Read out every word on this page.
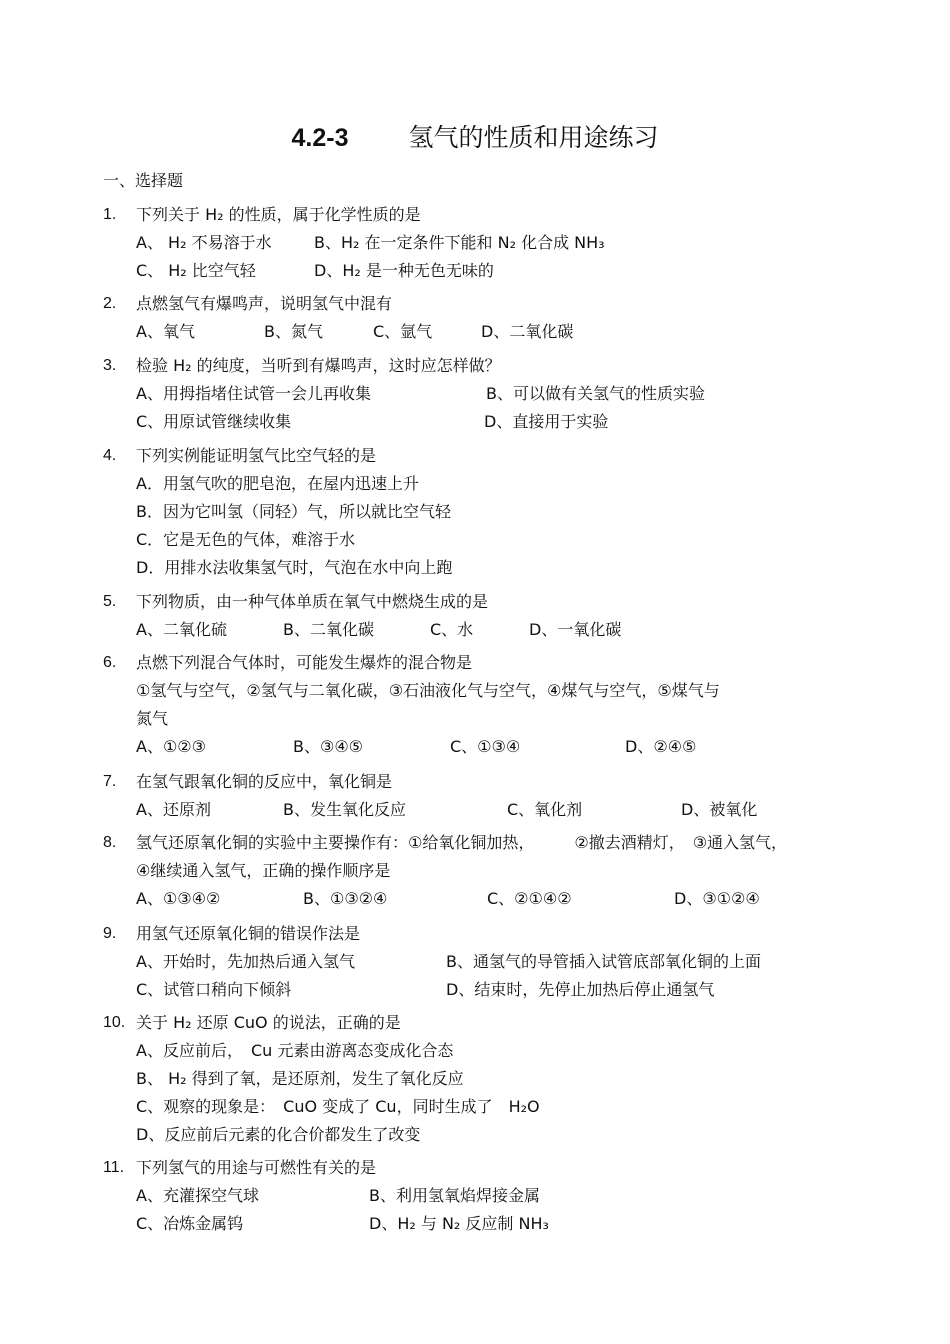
4.2-3 氢气的性质和用途练习
一、选择题
1.	下列关于 H₂ 的性质，属于化学性质的是
A、 H₂ 不易溶于水	B、H₂ 在一定条件下能和 N₂ 化合成 NH₃
C、 H₂ 比空气轻	D、H₂ 是一种无色无味的
2.	点燃氢气有爆鸣声，说明氢气中混有
A、氧气	B、氮气	C、氩气	D、二氧化碳
3.	检验 H₂ 的纯度，当听到有爆鸣声，这时应怎样做？
A、用拇指堵住试管一会儿再收集	B、可以做有关氢气的性质实验
C、用原试管继续收集	D、直接用于实验
4.	下列实例能证明氢气比空气轻的是
A．用氢气吹的肥皂泡，在屋内迅速上升
B．因为它叫氢（同轻）气，所以就比空气轻
C．它是无色的气体，难溶于水
D．用排水法收集氢气时，气泡在水中向上跑
5.	下列物质，由一种气体单质在氧气中燃烧生成的是
A、二氧化硫	B、二氧化碳	C、水	D、一氧化碳
6.	点燃下列混合气体时，可能发生爆炸的混合物是
①氢气与空气，②氢气与二氧化碳，③石油液化气与空气，④煤气与空气，⑤煤气与
氮气
A、①②③	B、③④⑤	C、①③④	D、②④⑤
7.	在氢气跟氧化铜的反应中，氧化铜是
A、还原剂	B、发生氧化反应	C、氧化剂	D、被氧化
8.	氢气还原氧化铜的实验中主要操作有：①给氧化铜加热，　　　②撤去酒精灯，　③通入氢气，
④继续通入氢气，正确的操作顺序是
A、①③④②	B、①③②④	C、②①④②	D、③①②④
9.	用氢气还原氧化铜的错误作法是
A、开始时，先加热后通入氢气	B、通氢气的导管插入试管底部氧化铜的上面
C、试管口稍向下倾斜	D、结束时，先停止加热后停止通氢气
10. 关于 H₂ 还原 CuO 的说法，正确的是
A、反应前后，　Cu 元素由游离态变成化合态
B、 H₂ 得到了氧，是还原剂，发生了氧化反应
C、观察的现象是：　CuO 变成了 Cu，同时生成了　H₂O
D、反应前后元素的化合价都发生了改变
11. 下列氢气的用途与可燃性有关的是
A、充灌探空气球	B、利用氢氧焰焊接金属
C、冶炼金属钨	D、H₂ 与 N₂ 反应制 NH₃
